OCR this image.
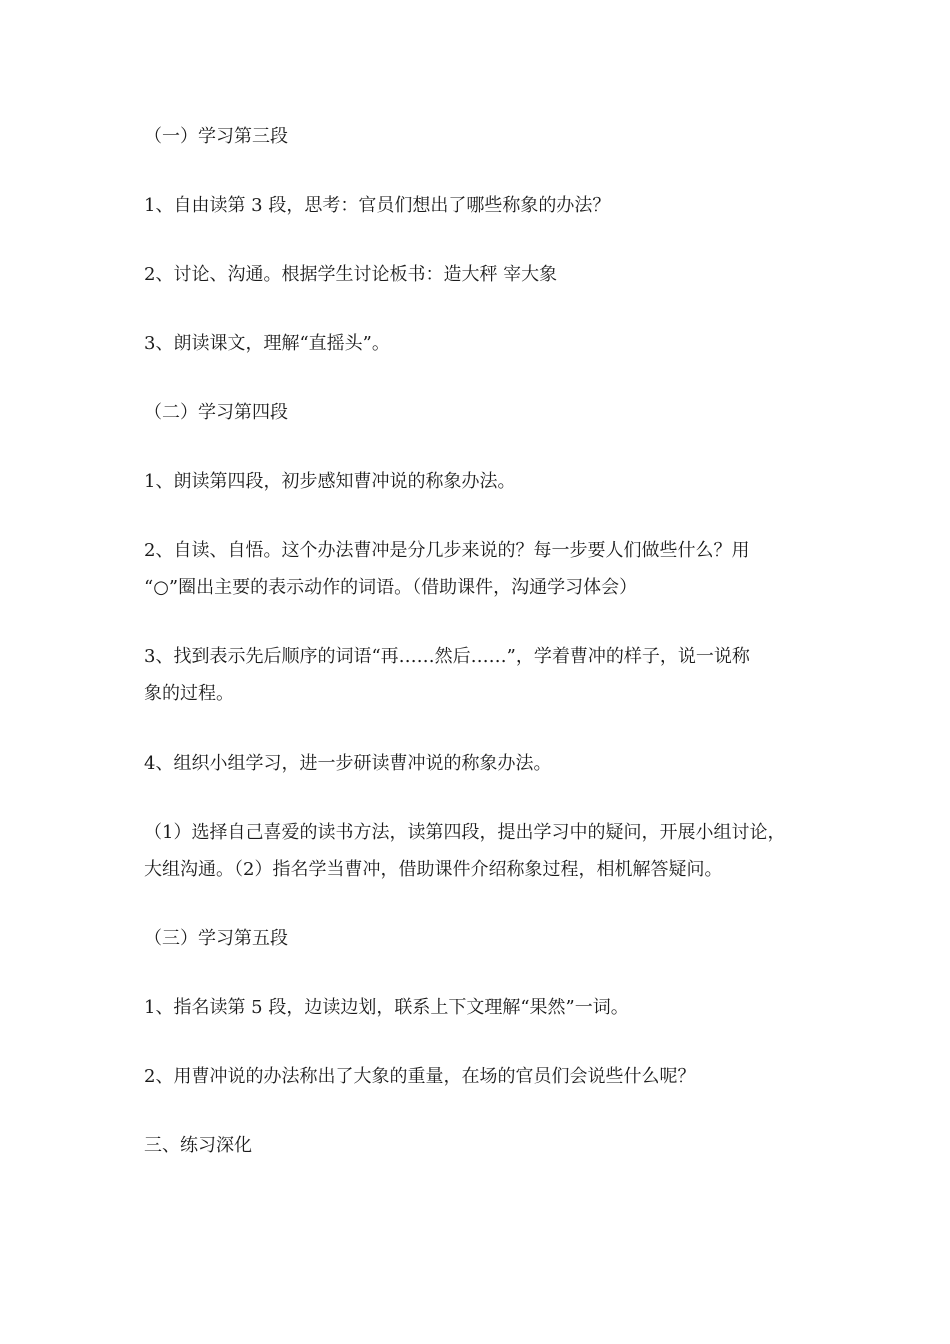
（一）学习第三段
1、自由读第 3 段，思考：官员们想出了哪些称象的办法？
2、讨论、沟通。根据学生讨论板书：造大秤 宰大象
3、朗读课文，理解“直摇头”。
（二）学习第四段
1、朗读第四段，初步感知曹冲说的称象办法。
2、自读、自悟。这个办法曹冲是分几步来说的？每一步要人们做些什么？用
“○”圈出主要的表示动作的词语。（借助课件，沟通学习体会）
3、找到表示先后顺序的词语“再……然后……”，学着曹冲的样子，说一说称
象的过程。
4、组织小组学习，进一步研读曹冲说的称象办法。
（1）选择自己喜爱的读书方法，读第四段，提出学习中的疑问，开展小组讨论，
大组沟通。（2）指名学当曹冲，借助课件介绍称象过程，相机解答疑问。
（三）学习第五段
1、指名读第 5 段，边读边划，联系上下文理解“果然”一词。
2、用曹冲说的办法称出了大象的重量，在场的官员们会说些什么呢？
三、练习深化
